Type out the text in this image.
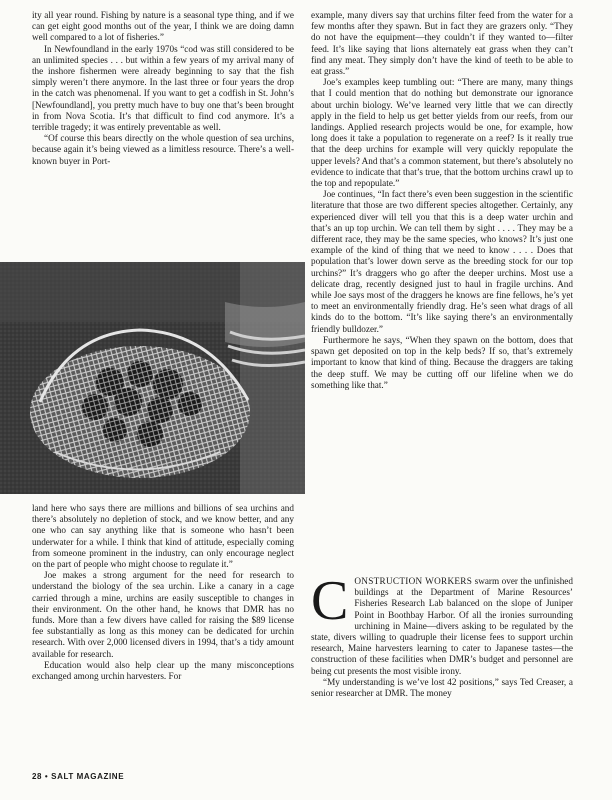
ity all year round. Fishing by nature is a seasonal type thing, and if we can get eight good months out of the year, I think we are doing damn well compared to a lot of fisheries.”

In Newfoundland in the early 1970s “cod was still considered to be an unlimited species . . . but within a few years of my arrival many of the inshore fishermen were already beginning to say that the fish simply weren’t there anymore. In the last three or four years the drop in the catch was phenomenal. If you want to get a codfish in St. John’s [Newfoundland], you pretty much have to buy one that’s been brought in from Nova Scotia. It’s that difficult to find cod anymore. It’s a terrible tragedy; it was entirely preventable as well.

“Of course this bears directly on the whole question of sea urchins, because again it’s being viewed as a limitless resource. There’s a well-known buyer in Port-

land here who says there are millions and billions of sea urchins and there’s absolutely no depletion of stock, and we know better, and any one who can say anything like that is someone who hasn’t been underwater for a while. I think that kind of attitude, especially coming from someone prominent in the industry, can only encourage neglect on the part of people who might choose to regulate it.”

Joe makes a strong argument for the need for research to understand the biology of the sea urchin. Like a canary in a cage carried through a mine, urchins are easily susceptible to changes in their environment. On the other hand, he knows that DMR has no funds. More than a few divers have called for raising the $89 license fee substantially as long as this money can be dedicated for urchin research. With over 2,000 licensed divers in 1994, that’s a tidy amount available for research.

Education would also help clear up the many misconceptions exchanged among urchin harvesters. For

example, many divers say that urchins filter feed from the water for a few months after they spawn. But in fact they are grazers only. “They do not have the equipment—they couldn’t if they wanted to—filter feed. It’s like saying that lions alternately eat grass when they can’t find any meat. They simply don’t have the kind of teeth to be able to eat grass.”

Joe’s examples keep tumbling out: “There are many, many things that I could mention that do nothing but demonstrate our ignorance about urchin biology. We’ve learned very little that we can directly apply in the field to help us get better yields from our reefs, from our landings. Applied research projects would be one, for example, how long does it take a population to regenerate on a reef? Is it really true that the deep urchins for example will very quickly repopulate the upper levels? And that’s a common statement, but there’s absolutely no evidence to indicate that that’s true, that the bottom urchins crawl up to the top and repopulate.”

Joe continues, “In fact there’s even been suggestion in the scientific literature that those are two different species altogether. Certainly, any experienced diver will tell you that this is a deep water urchin and that’s an up top urchin. We can tell them by sight . . . . They may be a different race, they may be the same species, who knows? It’s just one example of the kind of thing that we need to know . . . . Does that population that’s lower down serve as the breeding stock for our top urchins?” It’s draggers who go after the deeper urchins. Most use a delicate drag, recently designed just to haul in fragile urchins. And while Joe says most of the draggers he knows are fine fellows, he’s yet to meet an environmentally friendly drag. He’s seen what drags of all kinds do to the bottom. “It’s like saying there’s an environmentally friendly bulldozer.”

Furthermore he says, “When they spawn on the bottom, does that spawn get deposited on top in the kelp beds? If so, that’s extremely important to know that kind of thing. Because the draggers are taking the deep stuff. We may be cutting off our lifeline when we do something like that.”

CONSTRUCTION WORKERS swarm over the unfinished buildings at the Department of Marine Resources’ Fisheries Research Lab balanced on the slope of Juniper Point in Boothbay Harbor. Of all the ironies surrounding urchining in Maine—divers asking to be regulated by the state, divers willing to quadruple their license fees to support urchin research, Maine harvesters learning to cater to Japanese tastes—the construction of these facilities when DMR’s budget and personnel are being cut presents the most visible irony.

“My understanding is we’ve lost 42 positions,” says Ted Creaser, a senior researcher at DMR. The money

28 • SALT MAGAZINE
